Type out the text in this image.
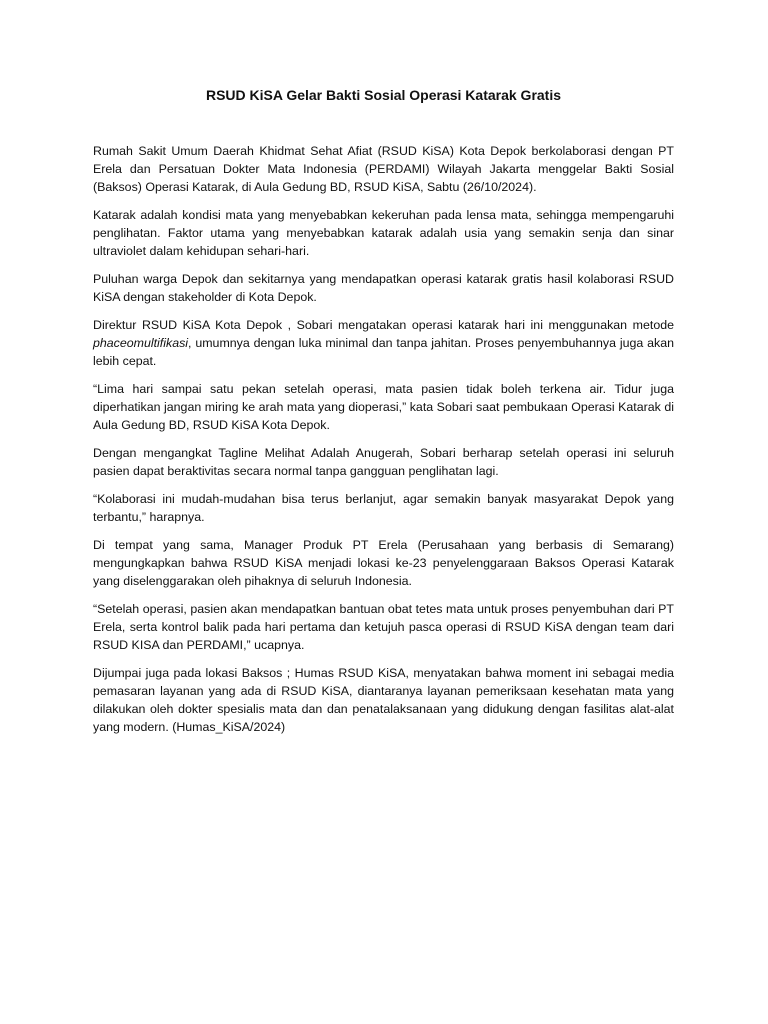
RSUD KiSA Gelar Bakti Sosial Operasi Katarak Gratis

Rumah Sakit Umum Daerah Khidmat Sehat Afiat (RSUD KiSA) Kota Depok berkolaborasi dengan PT Erela dan Persatuan Dokter Mata Indonesia (PERDAMI) Wilayah Jakarta menggelar Bakti Sosial (Baksos) Operasi Katarak, di Aula Gedung BD, RSUD KiSA, Sabtu (26/10/2024).

Katarak adalah kondisi mata yang menyebabkan kekeruhan pada lensa mata, sehingga mempengaruhi penglihatan. Faktor utama yang menyebabkan katarak adalah usia yang semakin senja dan sinar ultraviolet dalam kehidupan sehari-hari.

Puluhan warga Depok dan sekitarnya yang mendapatkan operasi katarak gratis hasil kolaborasi RSUD KiSA dengan stakeholder di Kota Depok.

Direktur RSUD KiSA Kota Depok , Sobari mengatakan operasi katarak hari ini menggunakan metode phaceomultifikasi, umumnya dengan luka minimal dan tanpa jahitan. Proses penyembuhannya juga akan lebih cepat.

“Lima hari sampai satu pekan setelah operasi, mata pasien tidak boleh terkena air. Tidur juga diperhatikan jangan miring ke arah mata yang dioperasi,” kata Sobari saat pembukaan Operasi Katarak di Aula Gedung BD, RSUD KiSA Kota Depok.

Dengan mengangkat Tagline Melihat Adalah Anugerah, Sobari berharap setelah operasi ini seluruh pasien dapat beraktivitas secara normal tanpa gangguan penglihatan lagi.

“Kolaborasi ini mudah-mudahan bisa terus berlanjut, agar semakin banyak masyarakat Depok yang terbantu,” harapnya.

Di tempat yang sama, Manager Produk PT Erela (Perusahaan yang berbasis di Semarang) mengungkapkan bahwa RSUD KiSA menjadi lokasi ke-23 penyelenggaraan Baksos Operasi Katarak yang diselenggarakan oleh pihaknya di seluruh Indonesia.

“Setelah operasi, pasien akan mendapatkan bantuan obat tetes mata untuk proses penyembuhan dari PT Erela, serta kontrol balik pada hari pertama dan ketujuh pasca operasi di RSUD KiSA dengan team dari RSUD KISA dan PERDAMI,” ucapnya.

Dijumpai juga pada lokasi Baksos ; Humas RSUD KiSA, menyatakan bahwa moment ini sebagai media pemasaran layanan yang ada di RSUD KiSA, diantaranya layanan pemeriksaan kesehatan mata yang dilakukan oleh dokter spesialis mata dan dan penatalaksanaan yang didukung dengan fasilitas alat-alat yang modern. (Humas_KiSA/2024)
